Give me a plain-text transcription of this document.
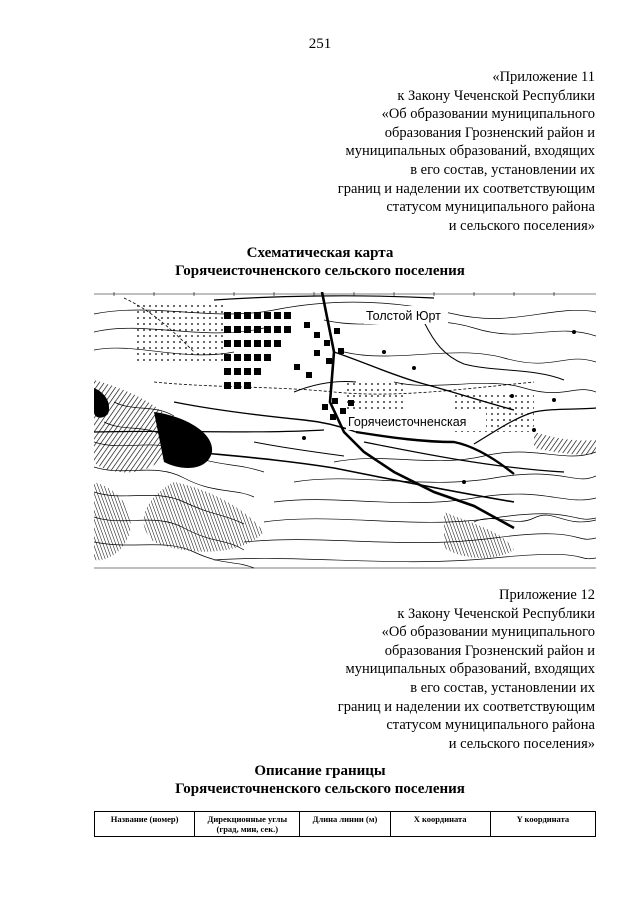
251
«Приложение 11
к Закону Чеченской Республики
«Об образовании муниципального
образования Грозненский район и
муниципальных образований, входящих
в его состав, установлении их
границ и наделении их соответствующим
статусом муниципального района
и сельского поселения»
Схематическая карта
Горячеисточненского сельского поселения
Толстой Юрт
Горячеисточненская
Приложение 12
к Закону Чеченской Республики
«Об образовании муниципального
образования Грозненский район и
муниципальных образований, входящих
в его состав, установлении их
границ и наделении их соответствующим
статусом муниципального района
и сельского поселения»
Описание границы
Горячеисточненского сельского поселения
Название (номер)	Дирекционные углы (град, мин, сек.)	Длина линии (м)	Х координата	Y координата
